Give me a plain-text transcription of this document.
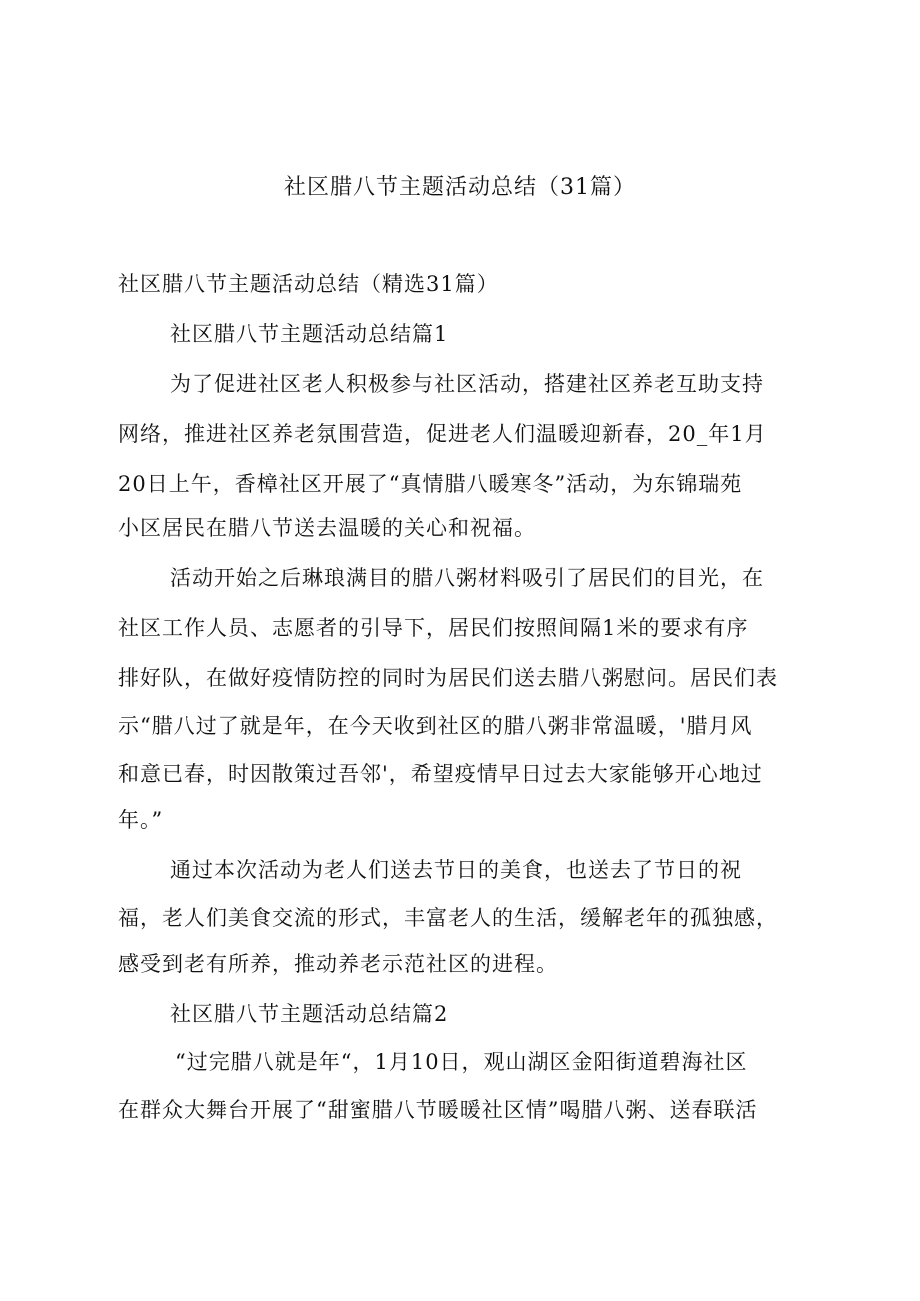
社区腊八节主题活动总结（31篇）
社区腊八节主题活动总结（精选31篇）
社区腊八节主题活动总结篇1
为了促进社区老人积极参与社区活动，搭建社区养老互助支持
网络，推进社区养老氛围营造，促进老人们温暖迎新春，20_年1月
20日上午，香樟社区开展了“真情腊八暖寒冬”活动，为东锦瑞苑
小区居民在腊八节送去温暖的关心和祝福。
活动开始之后琳琅满目的腊八粥材料吸引了居民们的目光，在
社区工作人员、志愿者的引导下，居民们按照间隔1米的要求有序
排好队，在做好疫情防控的同时为居民们送去腊八粥慰问。居民们表
示“腊八过了就是年，在今天收到社区的腊八粥非常温暖，'腊月风
和意已春，时因散策过吾邻'，希望疫情早日过去大家能够开心地过
年。”
通过本次活动为老人们送去节日的美食，也送去了节日的祝
福，老人们美食交流的形式，丰富老人的生活，缓解老年的孤独感，
感受到老有所养，推动养老示范社区的进程。
社区腊八节主题活动总结篇2
“过完腊八就是年“，1月10日，观山湖区金阳街道碧海社区
在群众大舞台开展了“甜蜜腊八节暖暖社区情”喝腊八粥、送春联活
